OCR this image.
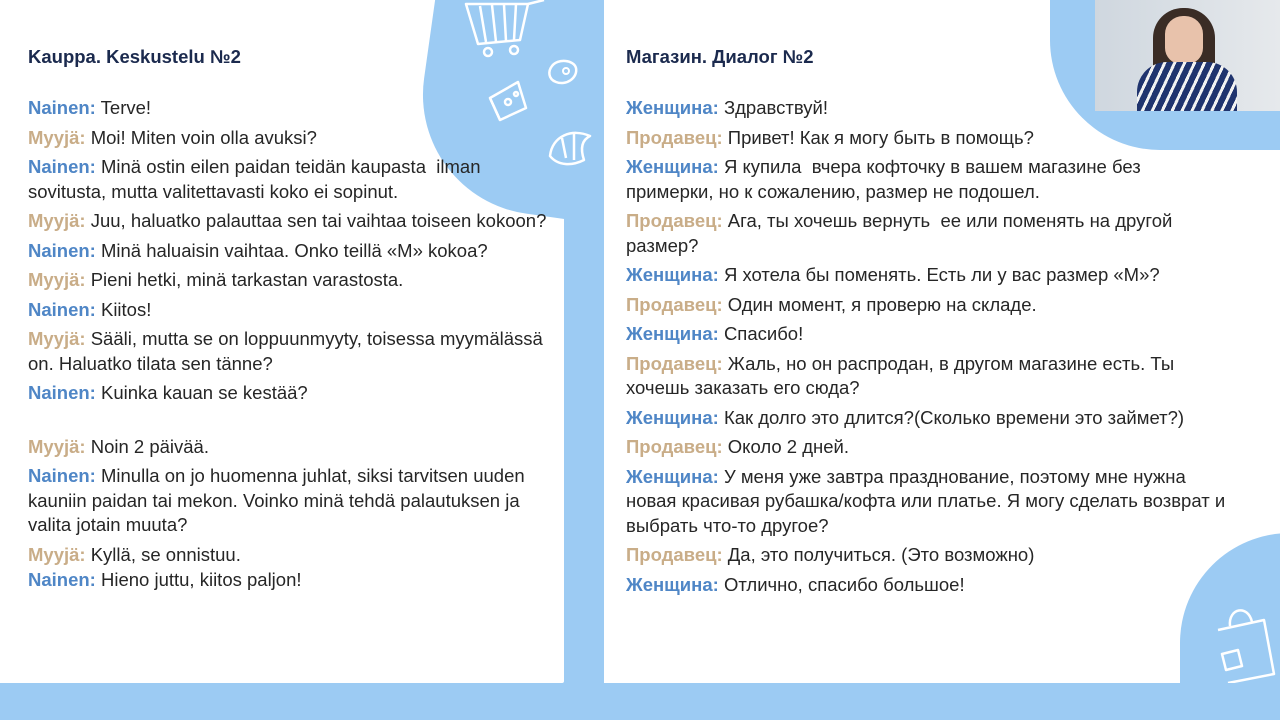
Kauppa. Keskustelu №2
Nainen: Terve!
Myyjä: Moi! Miten voin olla avuksi?
Nainen: Minä ostin eilen paidan teidän kaupasta  ilman sovitusta, mutta valitettavasti koko ei sopinut.
Myyjä: Juu, haluatko palauttaa sen tai vaihtaa toiseen kokoon?
Nainen: Minä haluaisin vaihtaa. Onko teillä «M» kokoa?
Myyjä: Pieni hetki, minä tarkastan varastosta.
Nainen: Kiitos!
Myyjä: Sääli, mutta se on loppuunmyyty, toisessa myymälässä on. Haluatko tilata sen tänne?
Nainen: Kuinka kauan se kestää?
Myyjä: Noin 2 päivää.
Nainen: Minulla on jo huomenna juhlat, siksi tarvitsen uuden kauniin paidan tai mekon. Voinko minä tehdä palautuksen ja valita jotain muuta?
Myyjä: Kyllä, se onnistuu.
Nainen: Hieno juttu, kiitos paljon!
Магазин. Диалог №2
Женщина: Здравствуй!
Продавец: Привет! Как я могу быть в помощь?
Женщина: Я купила  вчера кофточку в вашем магазине без примерки, но к сожалению, размер не подошел.
Продавец: Ага, ты хочешь вернуть  ее или поменять на другой размер?
Женщина: Я хотела бы поменять. Есть ли у вас размер «М»?
Продавец: Один момент, я проверю на складе.
Женщина: Спасибо!
Продавец: Жаль, но он распродан, в другом магазине есть. Ты хочешь заказать его сюда?
Женщина: Как долго это длится?(Сколько времени это займет?)
Продавец: Около 2 дней.
Женщина: У меня уже завтра празднование, поэтому мне нужна новая красивая рубашка/кофта или платье. Я могу сделать возврат и выбрать что-то другое?
Продавец: Да, это получиться. (Это возможно)
Женщина: Отлично, спасибо большое!
